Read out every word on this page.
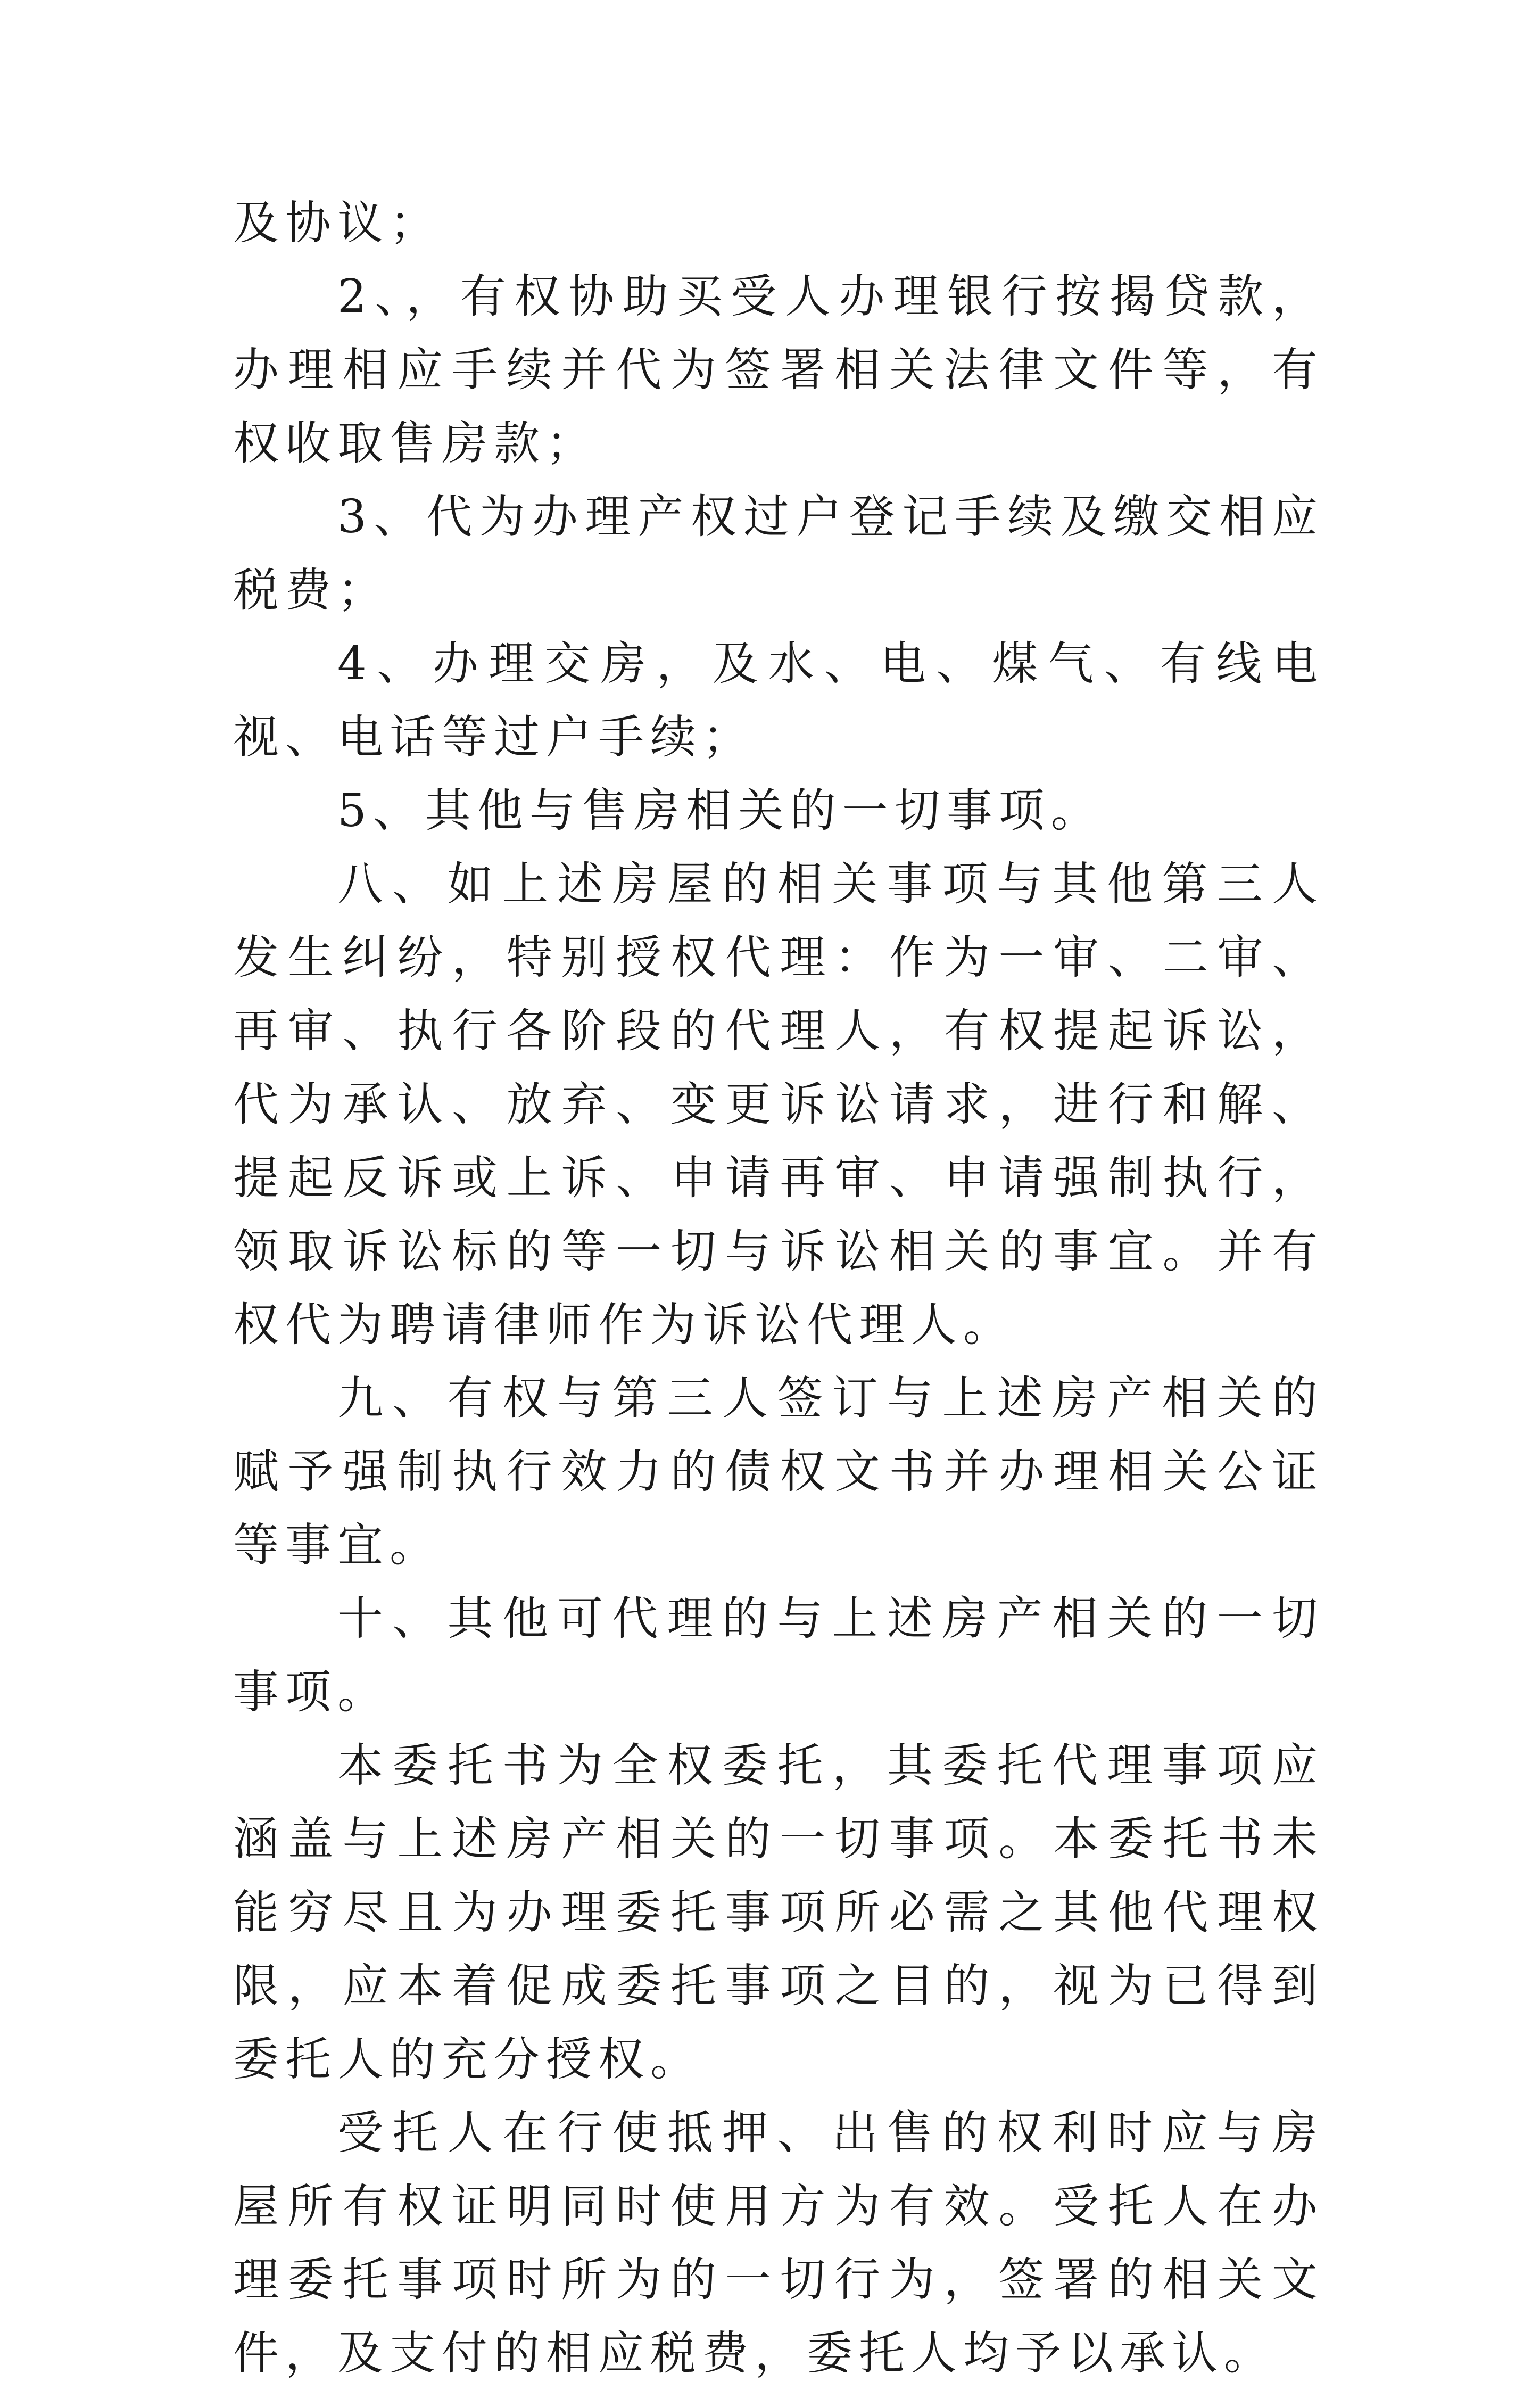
及协议；

2、，有权协助买受人办理银行按揭贷款，办理相应手续并代为签署相关法律文件等，有权收取售房款；

3、代为办理产权过户登记手续及缴交相应税费；

4、办理交房，及水、电、煤气、有线电视、电话等过户手续；

5、其他与售房相关的一切事项。

八、如上述房屋的相关事项与其他第三人发生纠纷，特别授权代理：作为一审、二审、再审、执行各阶段的代理人，有权提起诉讼，代为承认、放弃、变更诉讼请求，进行和解、提起反诉或上诉、申请再审、申请强制执行，领取诉讼标的等一切与诉讼相关的事宜。并有权代为聘请律师作为诉讼代理人。

九、有权与第三人签订与上述房产相关的赋予强制执行效力的债权文书并办理相关公证等事宜。

十、其他可代理的与上述房产相关的一切事项。

本委托书为全权委托，其委托代理事项应涵盖与上述房产相关的一切事项。本委托书未能穷尽且为办理委托事项所必需之其他代理权限，应本着促成委托事项之目的，视为已得到委托人的充分授权。

受托人在行使抵押、出售的权利时应与房屋所有权证明同时使用方为有效。受托人在办理委托事项时所为的一切行为，签署的相关文件，及支付的相应税费，委托人均予以承认。
